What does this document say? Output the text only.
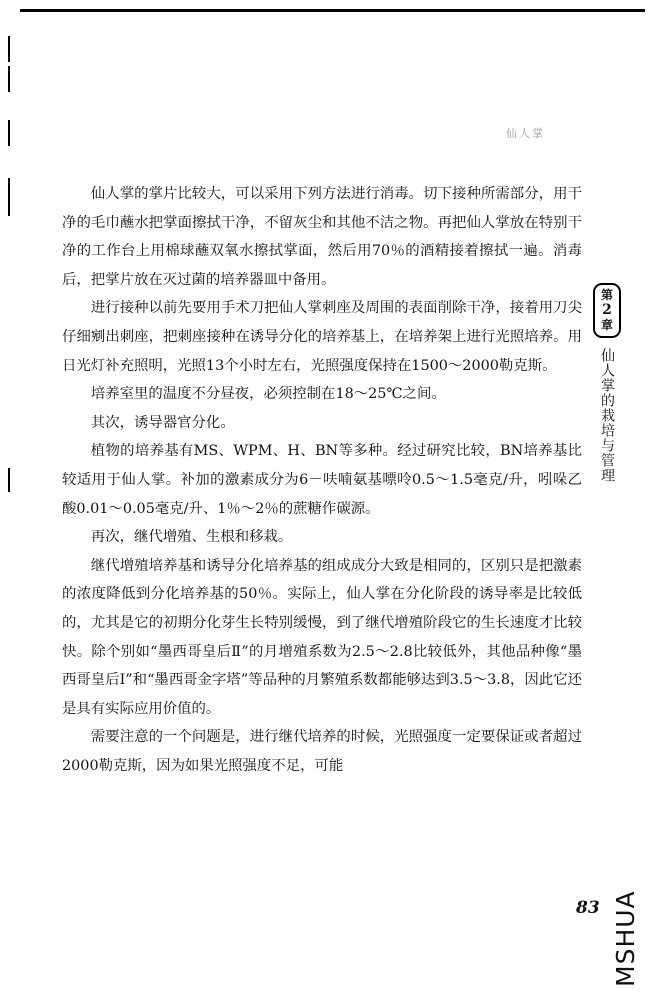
仙人掌

仙人掌的掌片比较大，可以采用下列方法进行消毒。切下接种所需部分，用干净的毛巾蘸水把掌面擦拭干净，不留灰尘和其他不洁之物。再把仙人掌放在特别干净的工作台上用棉球蘸双氧水擦拭掌面，然后用70％的酒精接着擦拭一遍。消毒后，把掌片放在灭过菌的培养器皿中备用。

进行接种以前先要用手术刀把仙人掌刺座及周围的表面削除干净，接着用刀尖仔细剜出刺座，把刺座接种在诱导分化的培养基上，在培养架上进行光照培养。用日光灯补充照明，光照13个小时左右，光照强度保持在1500～2000勒克斯。

培养室里的温度不分昼夜，必须控制在18～25℃之间。

其次，诱导器官分化。

植物的培养基有MS、WPM、H、BN等多种。经过研究比较，BN培养基比较适用于仙人掌。补加的激素成分为6－呋喃氨基嘌呤0.5～1.5毫克/升，吲哚乙酸0.01～0.05毫克/升、1％～2％的蔗糖作碳源。

再次，继代增殖、生根和移栽。

继代增殖培养基和诱导分化培养基的组成成分大致是相同的，区别只是把激素的浓度降低到分化培养基的50％。实际上，仙人掌在分化阶段的诱导率是比较低的，尤其是它的初期分化芽生长特别缓慢，到了继代增殖阶段它的生长速度才比较快。除个别如“墨西哥皇后Ⅱ”的月增殖系数为2.5～2.8比较低外，其他品种像“墨西哥皇后Ⅰ”和“墨西哥金字塔”等品种的月繁殖系数都能够达到3.5～3.8，因此它还是具有实际应用价值的。

需要注意的一个问题是，进行继代培养的时候，光照强度一定要保证或者超过2000勒克斯，因为如果光照强度不足，可能

第
2
章
仙人掌的栽培与管理
83 MSHUA
